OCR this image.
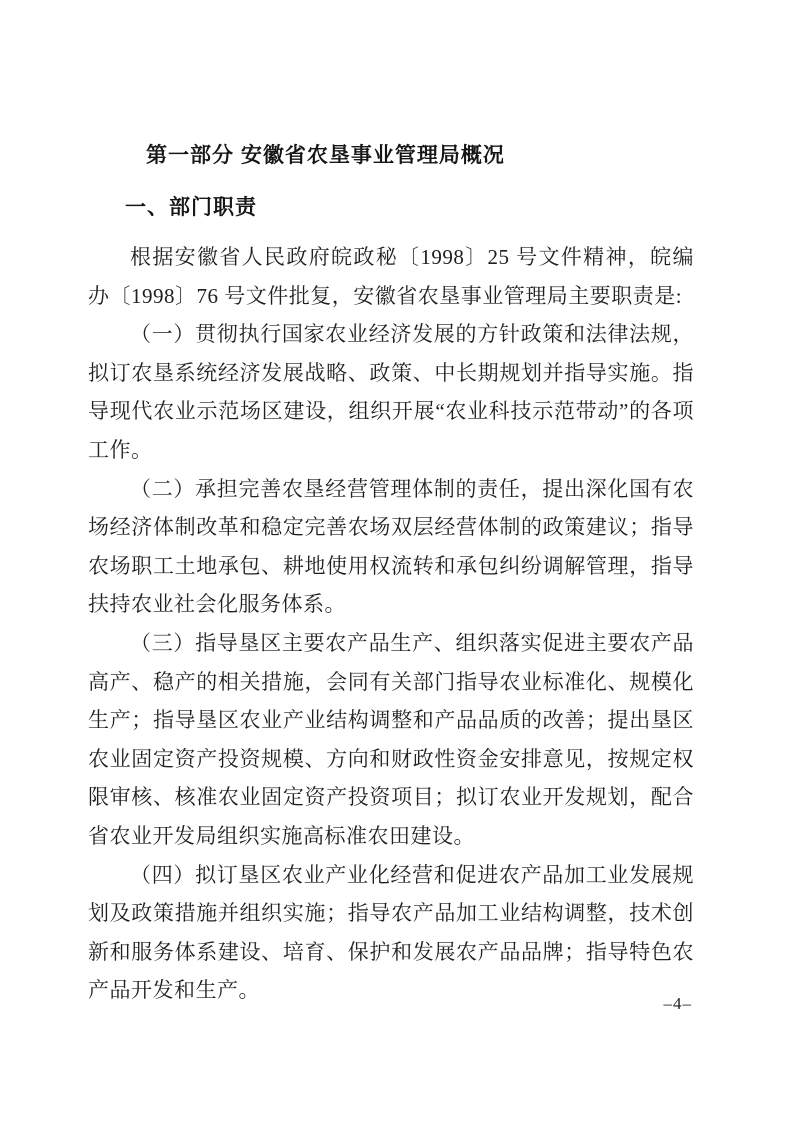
第一部分 安徽省农垦事业管理局概况
一、部门职责

根据安徽省人民政府皖政秘〔1998〕25 号文件精神，皖编办〔1998〕76 号文件批复，安徽省农垦事业管理局主要职责是:

（一）贯彻执行国家农业经济发展的方针政策和法律法规，拟订农垦系统经济发展战略、政策、中长期规划并指导实施。指导现代农业示范场区建设，组织开展“农业科技示范带动”的各项工作。

（二）承担完善农垦经营管理体制的责任，提出深化国有农场经济体制改革和稳定完善农场双层经营体制的政策建议；指导农场职工土地承包、耕地使用权流转和承包纠纷调解管理，指导扶持农业社会化服务体系。

（三）指导垦区主要农产品生产、组织落实促进主要农产品高产、稳产的相关措施，会同有关部门指导农业标准化、规模化生产；指导垦区农业产业结构调整和产品品质的改善；提出垦区农业固定资产投资规模、方向和财政性资金安排意见，按规定权限审核、核准农业固定资产投资项目；拟订农业开发规划，配合省农业开发局组织实施高标准农田建设。

（四）拟订垦区农业产业化经营和促进农产品加工业发展规划及政策措施并组织实施；指导农产品加工业结构调整，技术创新和服务体系建设、培育、保护和发展农产品品牌；指导特色农产品开发和生产。

–4–
